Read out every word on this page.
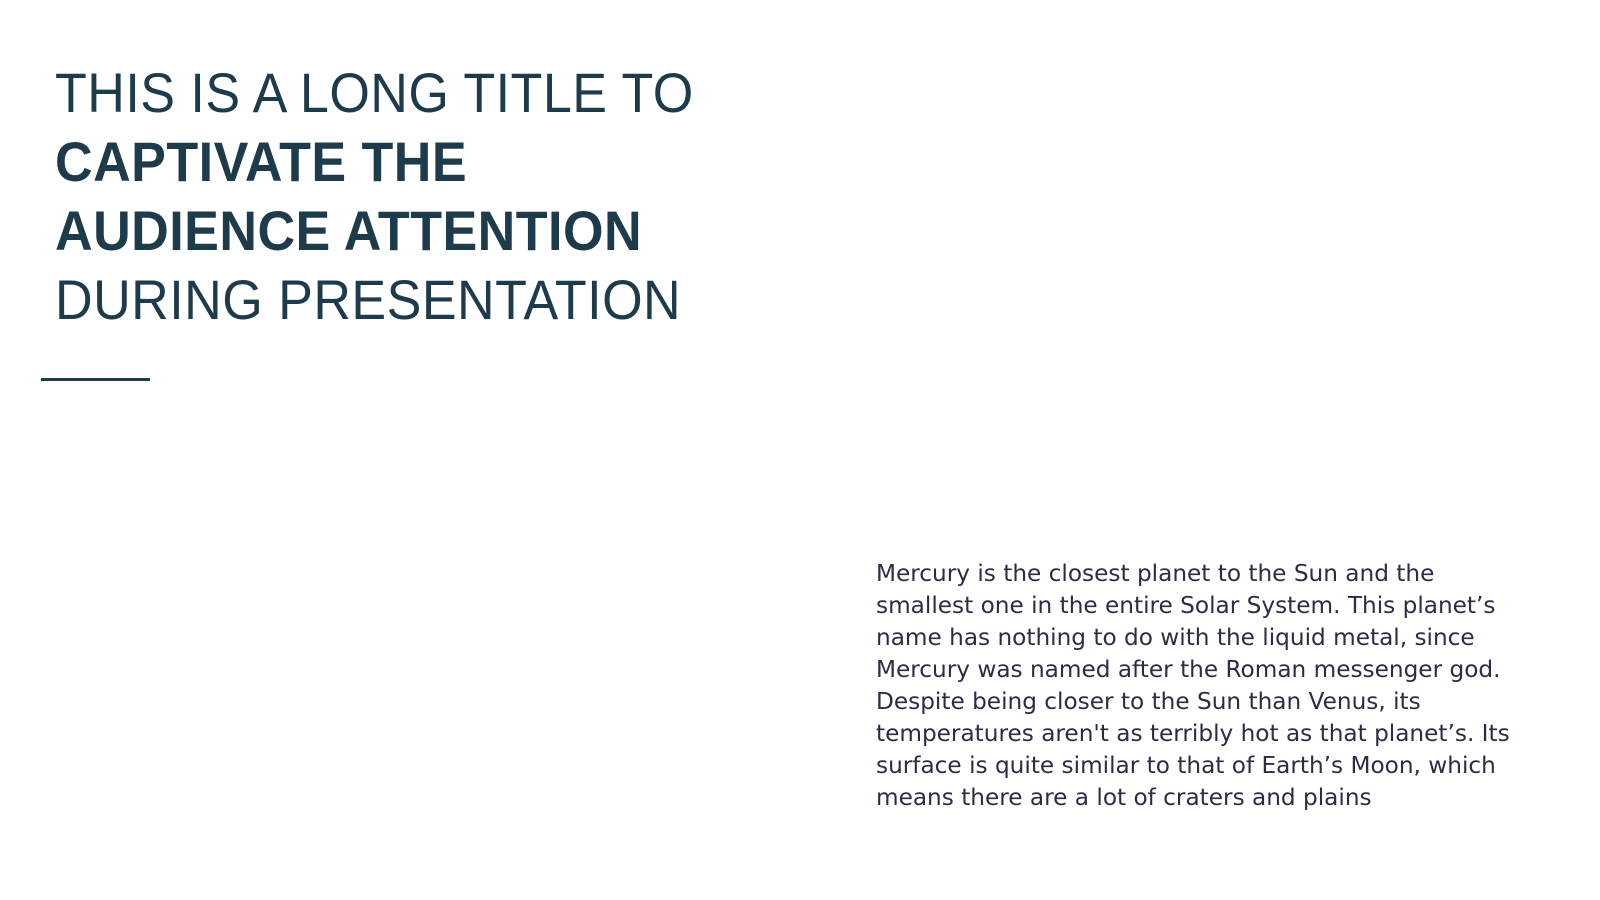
THIS IS A LONG TITLE TO
CAPTIVATE THE
AUDIENCE ATTENTION
DURING PRESENTATION

Mercury is the closest planet to the Sun and the
smallest one in the entire Solar System. This planet’s
name has nothing to do with the liquid metal, since
Mercury was named after the Roman messenger god.
Despite being closer to the Sun than Venus, its
temperatures aren't as terribly hot as that planet’s. Its
surface is quite similar to that of Earth’s Moon, which
means there are a lot of craters and plains
